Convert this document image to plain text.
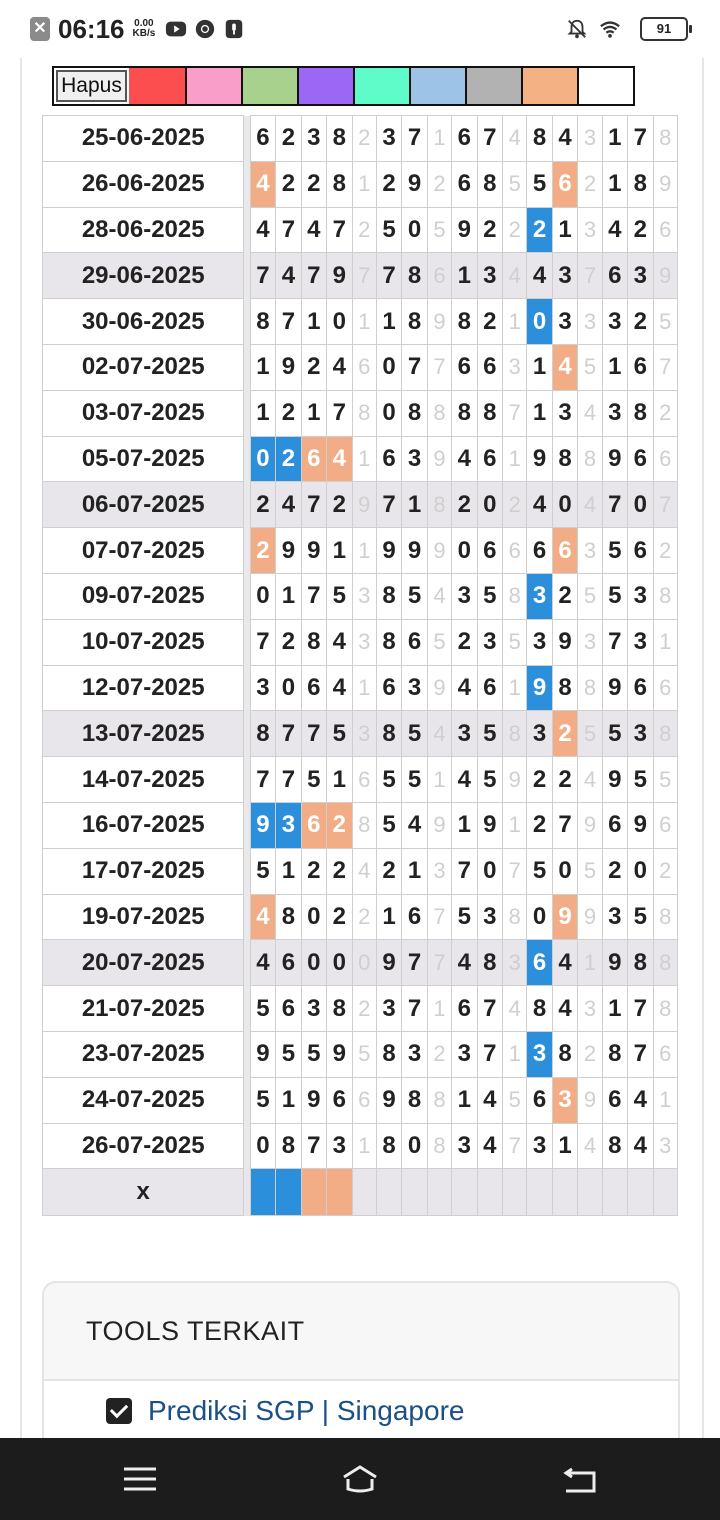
✕ 06:16 0.00
KB/s	91
Hapus
25-06-2025		6	2	3	8	2	3	7	1	6	7	4	8	4	3	1	7	8
26-06-2025		4	2	2	8	1	2	9	2	6	8	5	5	6	2	1	8	9
28-06-2025		4	7	4	7	2	5	0	5	9	2	2	2	1	3	4	2	6
29-06-2025		7	4	7	9	7	7	8	6	1	3	4	4	3	7	6	3	9
30-06-2025		8	7	1	0	1	1	8	9	8	2	1	0	3	3	3	2	5
02-07-2025		1	9	2	4	6	0	7	7	6	6	3	1	4	5	1	6	7
03-07-2025		1	2	1	7	8	0	8	8	8	8	7	1	3	4	3	8	2
05-07-2025		0	2	6	4	1	6	3	9	4	6	1	9	8	8	9	6	6
06-07-2025		2	4	7	2	9	7	1	8	2	0	2	4	0	4	7	0	7
07-07-2025		2	9	9	1	1	9	9	9	0	6	6	6	6	3	5	6	2
09-07-2025		0	1	7	5	3	8	5	4	3	5	8	3	2	5	5	3	8
10-07-2025		7	2	8	4	3	8	6	5	2	3	5	3	9	3	7	3	1
12-07-2025		3	0	6	4	1	6	3	9	4	6	1	9	8	8	9	6	6
13-07-2025		8	7	7	5	3	8	5	4	3	5	8	3	2	5	5	3	8
14-07-2025		7	7	5	1	6	5	5	1	4	5	9	2	2	4	9	5	5
16-07-2025		9	3	6	2	8	5	4	9	1	9	1	2	7	9	6	9	6
17-07-2025		5	1	2	2	4	2	1	3	7	0	7	5	0	5	2	0	2
19-07-2025		4	8	0	2	2	1	6	7	5	3	8	0	9	9	3	5	8
20-07-2025		4	6	0	0	0	9	7	7	4	8	3	6	4	1	9	8	8
21-07-2025		5	6	3	8	2	3	7	1	6	7	4	8	4	3	1	7	8
23-07-2025		9	5	5	9	5	8	3	2	3	7	1	3	8	2	8	7	6
24-07-2025		5	1	9	6	6	9	8	8	1	4	5	6	3	9	6	4	1
26-07-2025		0	8	7	3	1	8	0	8	3	4	7	3	1	4	8	4	3
x																		
TOOLS TERKAIT
Prediksi SGP | Singapore
